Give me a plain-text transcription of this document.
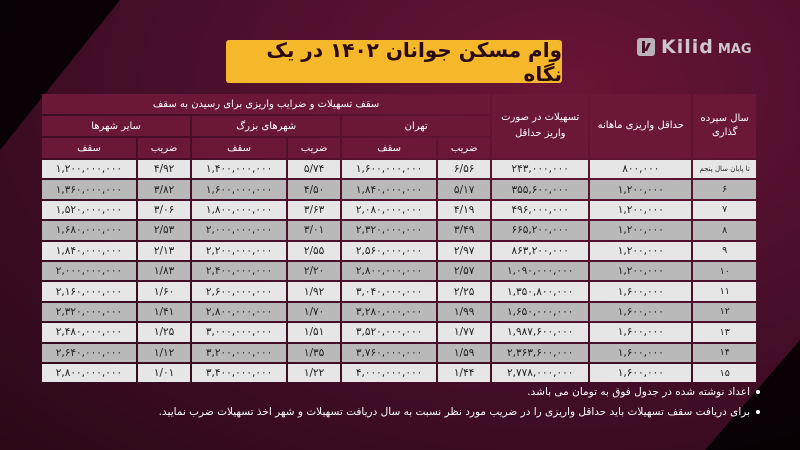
Kilid MAG
وام مسکن جوانان ۱۴۰۲ در یک نگاه
سال سپرده گذاری	حداقل واریزی ماهانه	تسهیلات در صورت واریز حداقل	سقف تسهیلات و ضرایب واریزی برای رسیدن به سقف					
			تهران		شهرهای بزرگ		سایر شهرها	
			ضریب	سقف	ضریب	سقف	ضریب	سقف
تا پایان سال پنجم	۸۰۰,۰۰۰	۲۴۳,۰۰۰,۰۰۰	۶/۵۶	۱,۶۰۰,۰۰۰,۰۰۰	۵/۷۴	۱,۴۰۰,۰۰۰,۰۰۰	۴/۹۲	۱,۲۰۰,۰۰۰,۰۰۰
۶	۱,۲۰۰,۰۰۰	۳۵۵,۶۰۰,۰۰۰	۵/۱۷	۱,۸۴۰,۰۰۰,۰۰۰	۴/۵۰	۱,۶۰۰,۰۰۰,۰۰۰	۳/۸۲	۱,۳۶۰,۰۰۰,۰۰۰
۷	۱,۲۰۰,۰۰۰	۴۹۶,۰۰۰,۰۰۰	۴/۱۹	۲,۰۸۰,۰۰۰,۰۰۰	۳/۶۳	۱,۸۰۰,۰۰۰,۰۰۰	۳/۰۶	۱,۵۲۰,۰۰۰,۰۰۰
۸	۱,۲۰۰,۰۰۰	۶۶۵,۲۰۰,۰۰۰	۳/۴۹	۲,۳۲۰,۰۰۰,۰۰۰	۳/۰۱	۲,۰۰۰,۰۰۰,۰۰۰	۲/۵۳	۱,۶۸۰,۰۰۰,۰۰۰
۹	۱,۲۰۰,۰۰۰	۸۶۳,۲۰۰,۰۰۰	۲/۹۷	۲,۵۶۰,۰۰۰,۰۰۰	۲/۵۵	۲,۲۰۰,۰۰۰,۰۰۰	۲/۱۳	۱,۸۴۰,۰۰۰,۰۰۰
۱۰	۱,۲۰۰,۰۰۰	۱,۰۹۰,۰۰۰,۰۰۰	۲/۵۷	۲,۸۰۰,۰۰۰,۰۰۰	۲/۲۰	۲,۴۰۰,۰۰۰,۰۰۰	۱/۸۳	۲,۰۰۰,۰۰۰,۰۰۰
۱۱	۱,۶۰۰,۰۰۰	۱,۳۵۰,۸۰۰,۰۰۰	۲/۲۵	۳,۰۴۰,۰۰۰,۰۰۰	۱/۹۲	۲,۶۰۰,۰۰۰,۰۰۰	۱/۶۰	۲,۱۶۰,۰۰۰,۰۰۰
۱۲	۱,۶۰۰,۰۰۰	۱,۶۵۰,۰۰۰,۰۰۰	۱/۹۹	۳,۲۸۰,۰۰۰,۰۰۰	۱/۷۰	۲,۸۰۰,۰۰۰,۰۰۰	۱/۴۱	۲,۳۲۰,۰۰۰,۰۰۰
۱۳	۱,۶۰۰,۰۰۰	۱,۹۸۷,۶۰۰,۰۰۰	۱/۷۷	۳,۵۲۰,۰۰۰,۰۰۰	۱/۵۱	۳,۰۰۰,۰۰۰,۰۰۰	۱/۲۵	۲,۴۸۰,۰۰۰,۰۰۰
۱۴	۱,۶۰۰,۰۰۰	۲,۳۶۳,۶۰۰,۰۰۰	۱/۵۹	۳,۷۶۰,۰۰۰,۰۰۰	۱/۳۵	۳,۲۰۰,۰۰۰,۰۰۰	۱/۱۲	۲,۶۴۰,۰۰۰,۰۰۰
۱۵	۱,۶۰۰,۰۰۰	۲,۷۷۸,۰۰۰,۰۰۰	۱/۴۴	۴,۰۰۰,۰۰۰,۰۰۰	۱/۲۲	۳,۴۰۰,۰۰۰,۰۰۰	۱/۰۱	۲,۸۰۰,۰۰۰,۰۰۰
اعداد نوشته شده در جدول فوق به تومان می باشد.
برای دریافت سقف تسهیلات باید حداقل واریزی را در ضریب مورد نظر نسبت به سال دریافت تسهیلات و شهر اخذ تسهیلات ضرب نمایید.
